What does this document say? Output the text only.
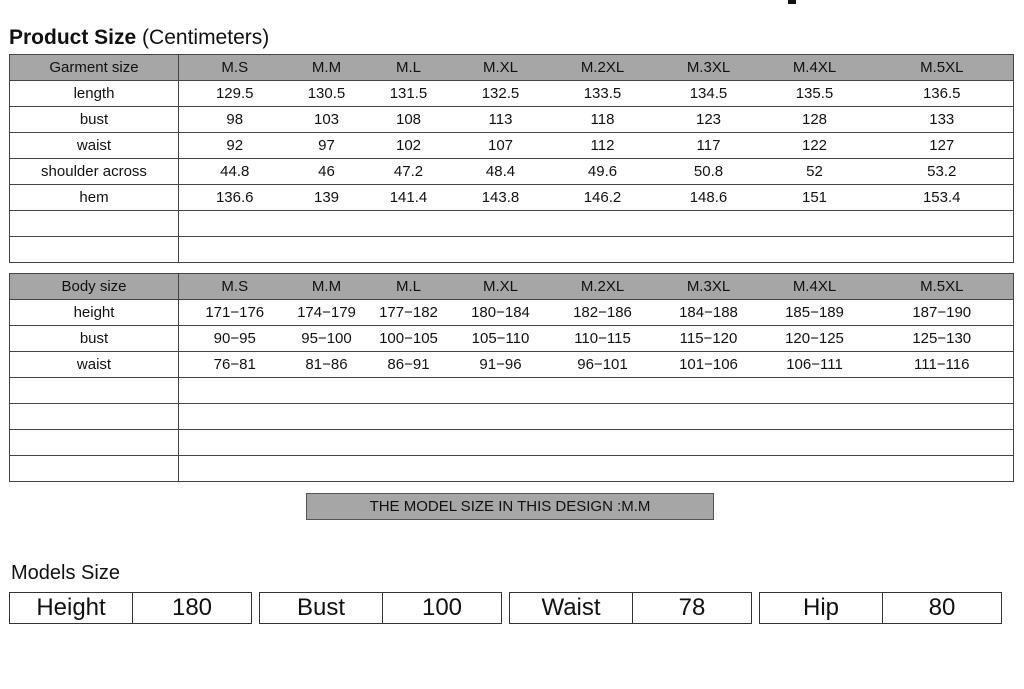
Product Size (Centimeters)
Garment size	M.S	M.M	M.L	M.XL	M.2XL	M.3XL	M.4XL	M.5XL
length	129.5	130.5	131.5	132.5	133.5	134.5	135.5	136.5
bust	98	103	108	113	118	123	128	133
waist	92	97	102	107	112	117	122	127
shoulder across	44.8	46	47.2	48.4	49.6	50.8	52	53.2
hem	136.6	139	141.4	143.8	146.2	148.6	151	153.4

Body size	M.S	M.M	M.L	M.XL	M.2XL	M.3XL	M.4XL	M.5XL
height	171−176	174−179	177−182	180−184	182−186	184−188	185−189	187−190
bust	90−95	95−100	100−105	105−110	110−115	115−120	120−125	125−130
waist	76−81	81−86	86−91	91−96	96−101	101−106	106−111	111−116

THE MODEL SIZE IN THIS DESIGN :M.M
Models Size
Height	180	Bust	100	Waist	78	Hip	80
